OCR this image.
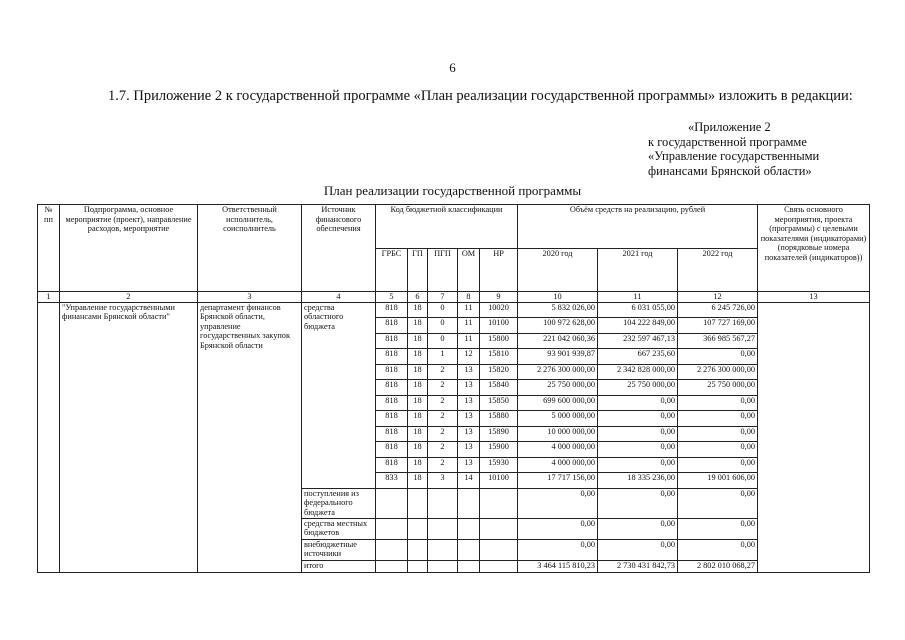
6
1.7. Приложение 2 к государственной программе «План реализации государственной программы» изложить в редакции:
«Приложение 2
к государственной программе
«Управление государственными
финансами Брянской области»
План реализации государственной программы
№ пп	Подпрограмма, основное мероприятие (проект), направление расходов, мероприятие	Ответственный исполнитель, соисполнитель	Источник финансового обеспечения	Код бюджетной классификации					Объём средств на реализацию, рублей			Связь основного мероприятия, проекта (программы) с целевыми показателями (индикаторами) (порядковые номера показателей (индикаторов))
				ГРБС	ГП	ПГП	ОМ	НР	2020 год	2021 год	2022 год	
1	2	3	4	5	6	7	8	9	10	11	12	13
	"Управление государственными финансами Брянской области"	департамент финансов Брянской области, управление государственных закупок Брянской области	средства областного бюджета	818	18	0	11	10020	5 832 026,00	6 031 055,00	6 245 726,00	
				818	18	0	11	10100	100 972 628,00	104 222 849,00	107 727 169,00	
				818	18	0	11	15800	221 042 060,36	232 597 467,13	366 985 567,27	
				818	18	1	12	15810	93 901 939,87	667 235,60	0,00	
				818	18	2	13	15820	2 276 300 000,00	2 342 828 000,00	2 276 300 000,00	
				818	18	2	13	15840	25 750 000,00	25 750 000,00	25 750 000,00	
				818	18	2	13	15850	699 600 000,00	0,00	0,00	
				818	18	2	13	15880	5 000 000,00	0,00	0,00	
				818	18	2	13	15890	10 000 000,00	0,00	0,00	
				818	18	2	13	15900	4 000 000,00	0,00	0,00	
				818	18	2	13	15930	4 000 000,00	0,00	0,00	
				833	18	3	14	10100	17 717 156,00	18 335 236,00	19 001 606,00	
			поступления из федерального бюджета						0,00	0,00	0,00	
			средства местных бюджетов						0,00	0,00	0,00	
			внебюджетные источники						0,00	0,00	0,00	
			итого						3 464 115 810,23	2 730 431 842,73	2 802 010 068,27	
